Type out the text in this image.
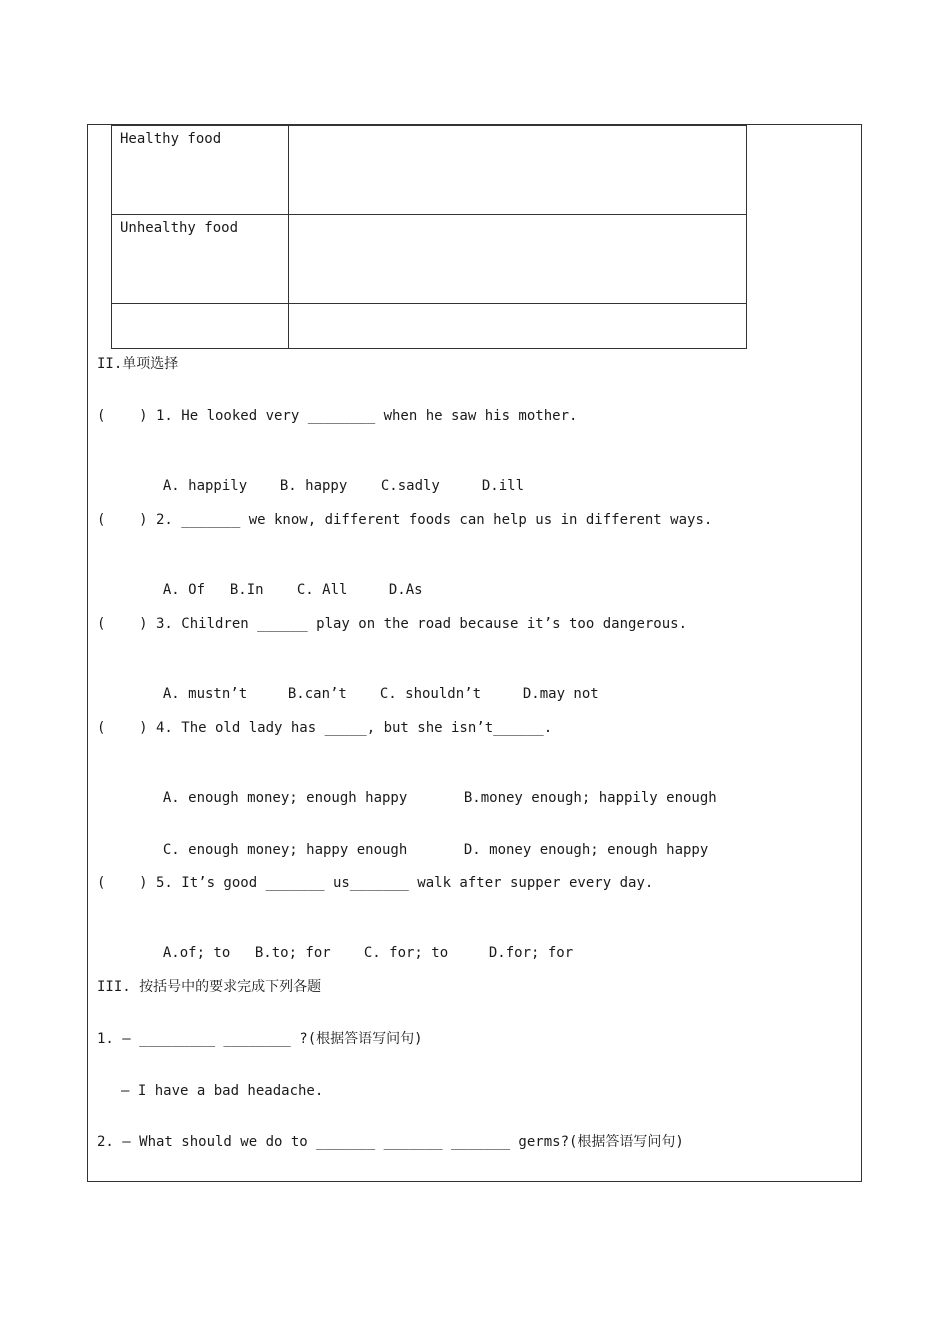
Healthy food	
Unhealthy food	

II.单项选择
(    ) 1. He looked very ________ when he saw his mother.

A. happily B. happy C.sadly	D.ill

(    ) 2. _______ we know, different foods can help us in different ways.

A. Of B.In C. All	D.As

(    ) 3. Children ______ play on the road because it’s too dangerous.

A. mustn’t	B.can’t C. shouldn’t	D.may not

(    ) 4. The old lady has _____, but she isn’t______.

A. enough money; enough happy	B.money enough; happily enough

C. enough money; happy enough	D. money enough; enough happy

(    ) 5. It’s good _______ us_______ walk after supper every day.

A.of; to B.to; for C. for; to	D.for; for

III. 按括号中的要求完成下列各题
1. — _________ ________ ?(根据答语写问句)
— I have a bad headache.
2. — What should we do to _______ _______ _______ germs?(根据答语写问句)
